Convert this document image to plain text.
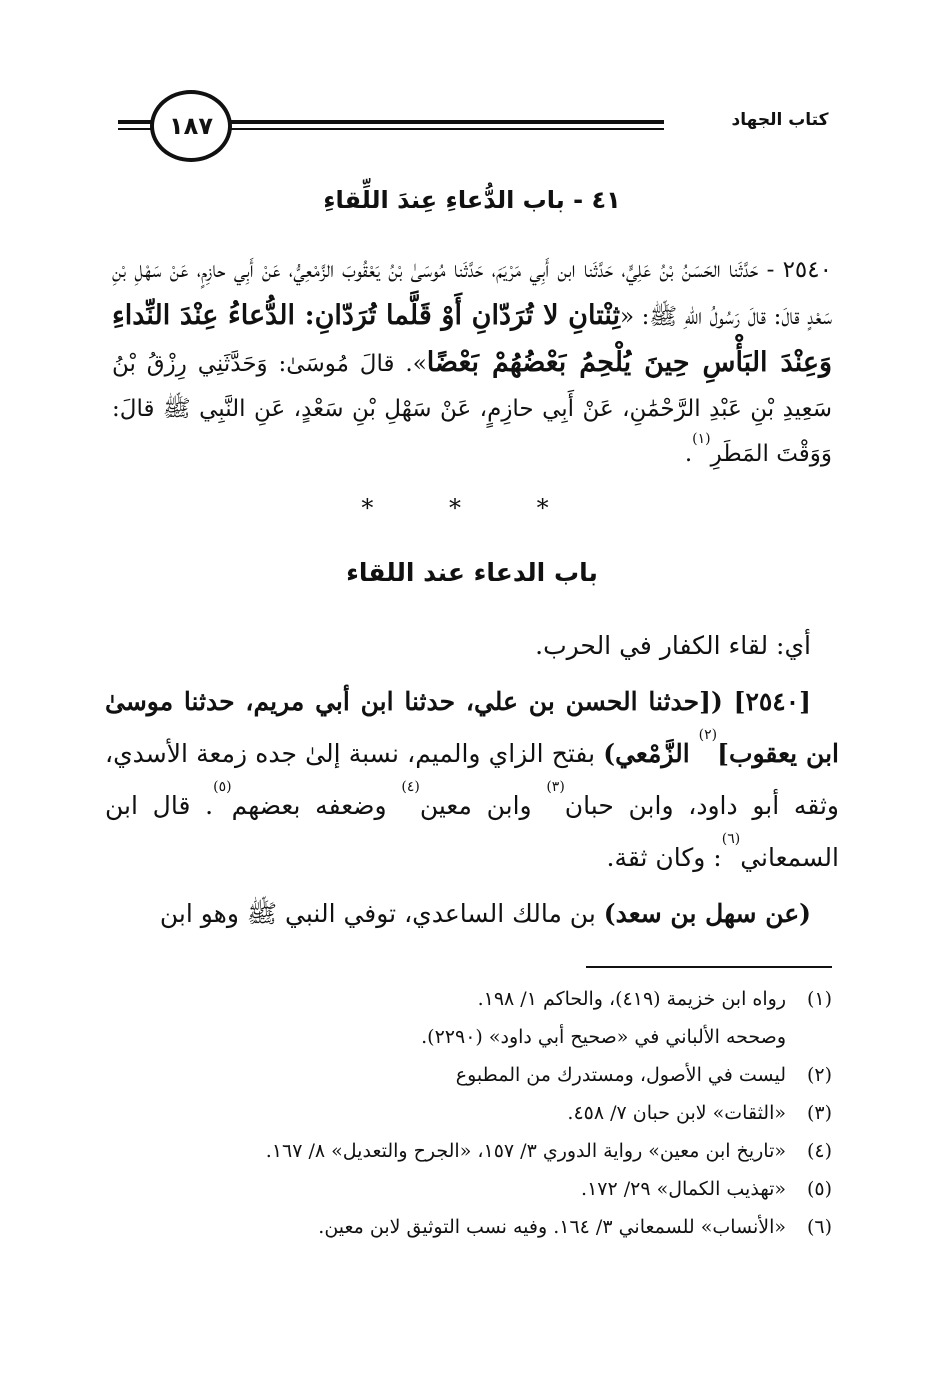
كتاب الجهاد
١٨٧
٤١ - باب الدُّعاءِ عِندَ اللِّقاءِ
٢٥٤٠ - حَدَّثَنا الحَسَنُ بْنُ عَلِيٍّ، حَدَّثَنا ابن أَبِي مَرْيَمَ، حَدَّثَنا مُوسَىٰ بْنُ يَعْقُوبَ الزَّمْعِيُّ، عَنْ أَبِي حازِمٍ، عَنْ سَهْلِ بْنِ سَعْدٍ قالَ: قالَ رَسُولُ اللهِ ﷺ: «ثِنْتانِ لا تُرَدّانِ أَوْ قَلَّما تُرَدّانِ: الدُّعاءُ عِنْدَ النِّداءِ وَعِنْدَ البَأْسِ حِينَ يُلْحِمُ بَعْضُهُمْ بَعْضًا». قالَ مُوسَىٰ: وَحَدَّثَنِي رِزْقُ بْنُ سَعِيدِ بْنِ عَبْدِ الرَّحْمَٰنِ، عَنْ أَبِي حازِمٍ، عَنْ سَهْلِ بْنِ سَعْدٍ، عَنِ النَّبِي ﷺ قالَ: وَوَقْتَ المَطَرِ$^{(١)}$.
* * *
باب الدعاء عند اللقاء

أي: لقاء الكفار في الحرب.

[٢٥٤٠] ([حدثنا الحسن بن علي، حدثنا ابن أبي مريم، حدثنا موسىٰ ابن يعقوب]$^{(٢)}$ الزَّمْعي) بفتح الزاي والميم، نسبة إلىٰ جده زمعة الأسدي، وثقه أبو داود، وابن حبان$^{(٣)}$ وابن معين$^{(٤)}$ وضعفه بعضهم$^{(٥)}$. قال ابن السمعاني$^{(٦)}$: وكان ثقة.

(عن سهل بن سعد) بن مالك الساعدي، توفي النبي ﷺ وهو ابن

(١)
رواه ابن خزيمة (٤١٩)، والحاكم ١/ ١٩٨.
وصححه الألباني في «صحيح أبي داود» (٢٢٩٠).
(٢)
ليست في الأصول، ومستدرك من المطبوع
(٣)
«الثقات» لابن حبان ٧/ ٤٥٨.
(٤)
«تاريخ ابن معين» رواية الدوري ٣/ ١٥٧، «الجرح والتعديل» ٨/ ١٦٧.
(٥)
«تهذيب الكمال» ٢٩/ ١٧٢.
(٦)
«الأنساب» للسمعاني ٣/ ١٦٤. وفيه نسب التوثيق لابن معين.
